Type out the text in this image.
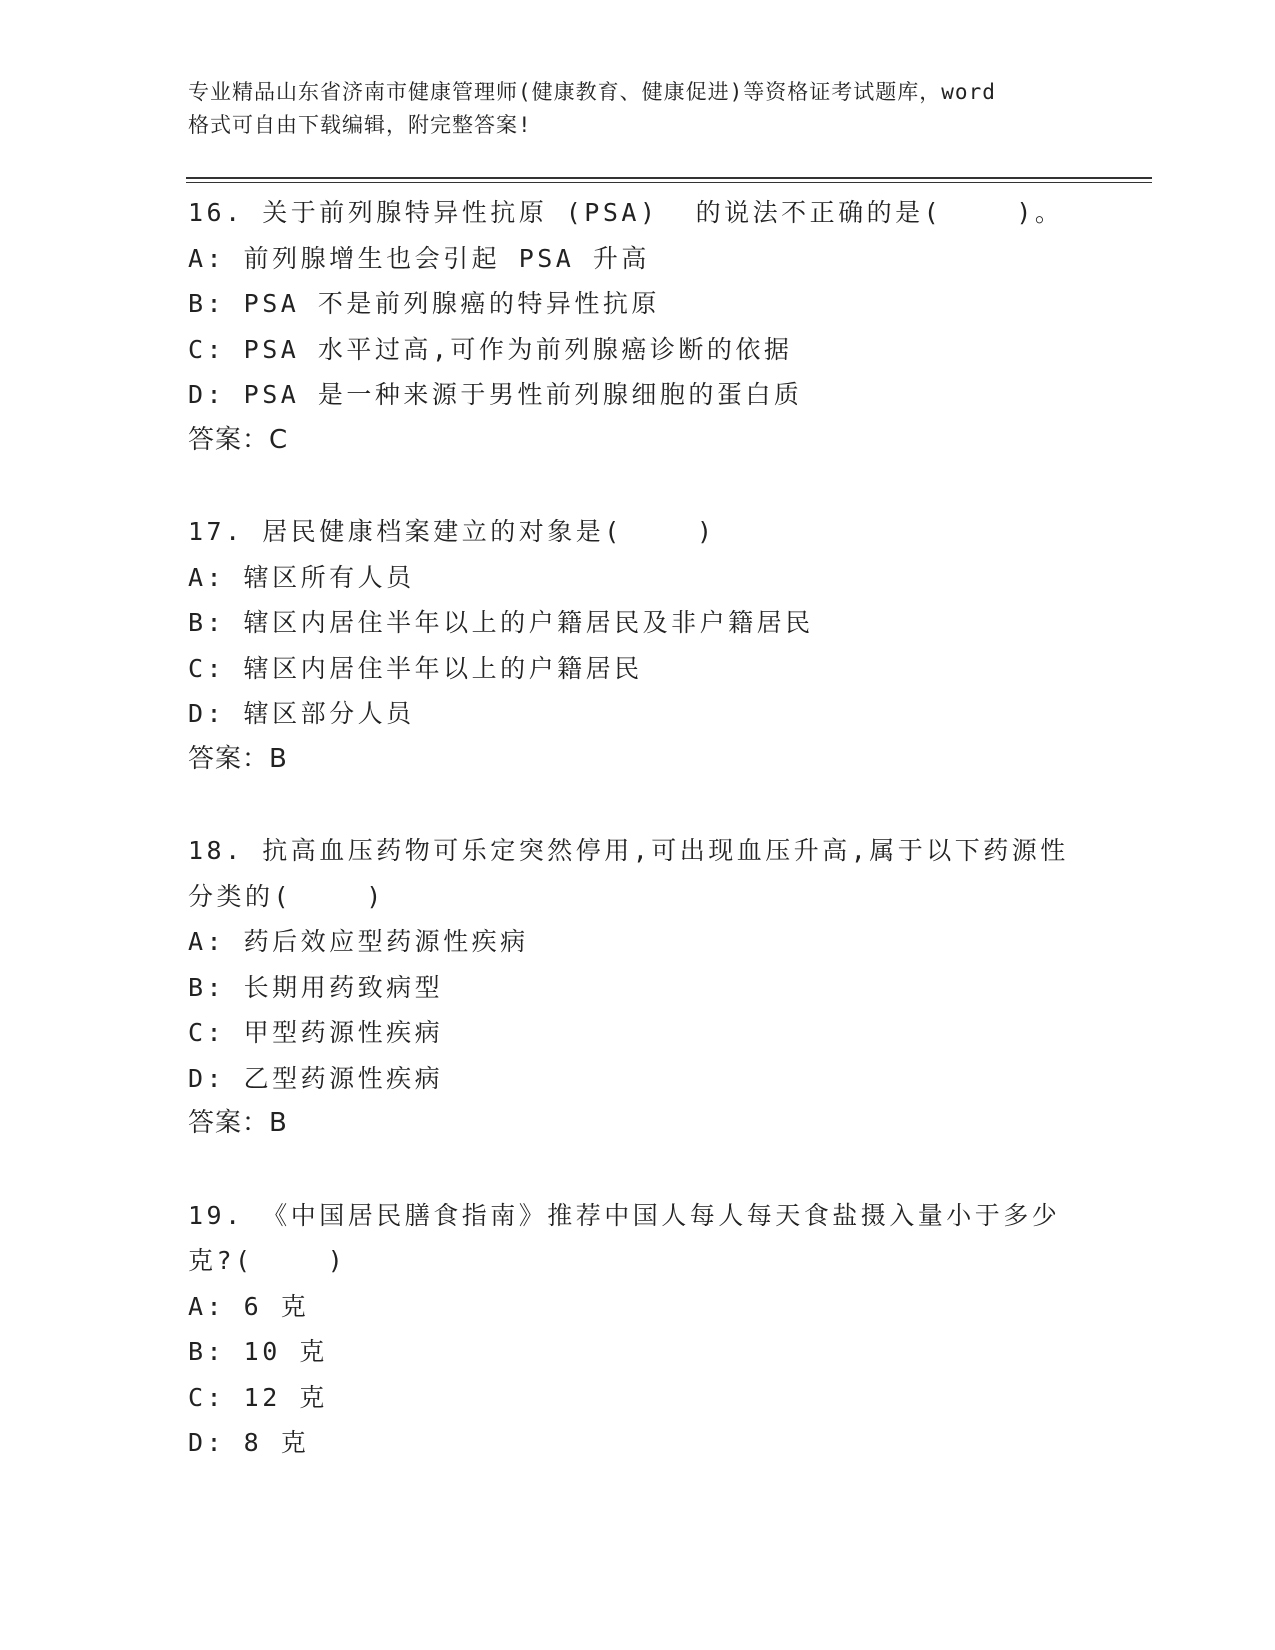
专业精品山东省济南市健康管理师(健康教育、健康促进)等资格证考试题库，word
格式可自由下载编辑，附完整答案!
16. 关于前列腺特异性抗原 (PSA)  的说法不正确的是(    )。
A: 前列腺增生也会引起 PSA 升高
B: PSA 不是前列腺癌的特异性抗原
C: PSA 水平过高,可作为前列腺癌诊断的依据
D: PSA 是一种来源于男性前列腺细胞的蛋白质
答案：C
17. 居民健康档案建立的对象是(    )
A: 辖区所有人员
B: 辖区内居住半年以上的户籍居民及非户籍居民
C: 辖区内居住半年以上的户籍居民
D: 辖区部分人员
答案：B
18. 抗高血压药物可乐定突然停用,可出现血压升高,属于以下药源性
分类的(    )
A: 药后效应型药源性疾病
B: 长期用药致病型
C: 甲型药源性疾病
D: 乙型药源性疾病
答案：B
19. 《中国居民膳食指南》推荐中国人每人每天食盐摄入量小于多少
克?(    )
A: 6 克
B: 10 克
C: 12 克
D: 8 克
